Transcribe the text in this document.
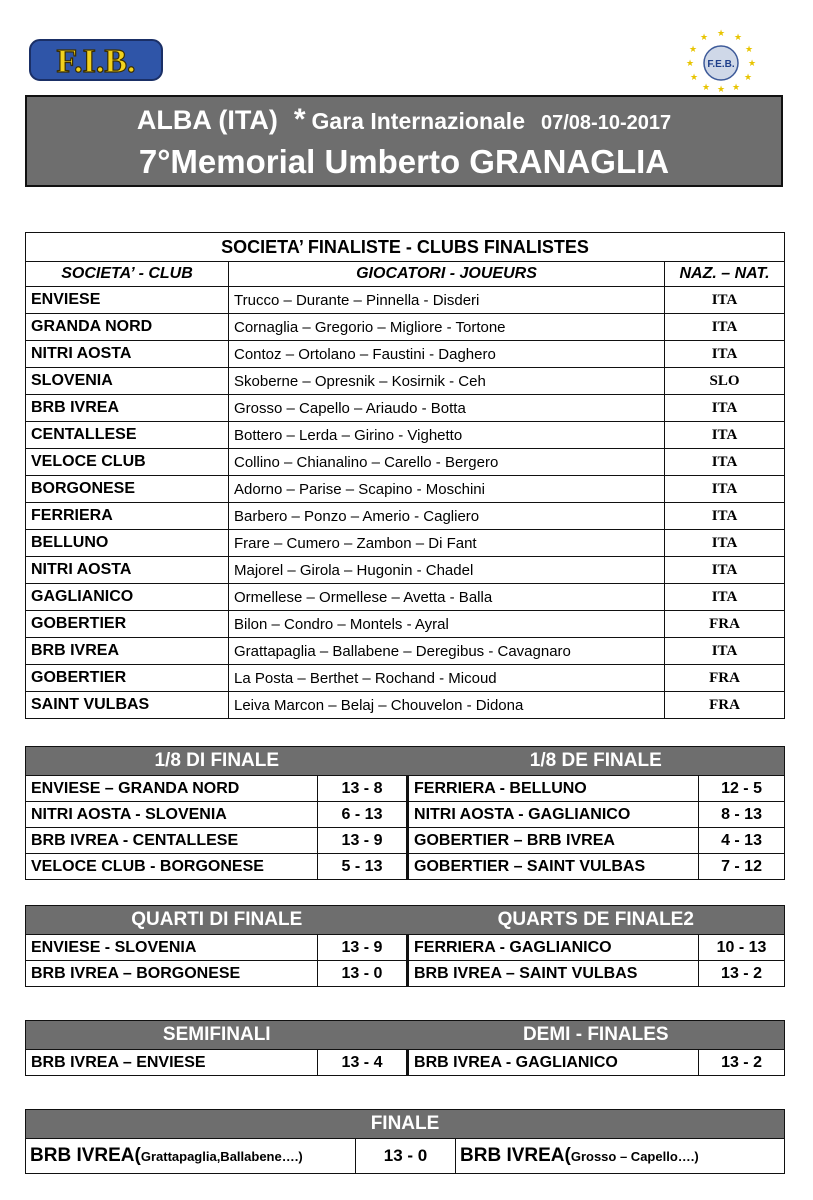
F.I.B.
★ ★
★
★
★
★
★
★
★
★
★
★
F.E.B.
ALBA (ITA) * Gara Internazionale 07/08-10-2017
7°Memorial Umberto GRANAGLIA
SOCIETA’ FINALISTE - CLUBS FINALISTES		
SOCIETA’ - CLUB	GIOCATORI - JOUEURS	NAZ. – NAT.
ENVIESE	Trucco – Durante – Pinnella - Disderi	ITA
GRANDA NORD	Cornaglia – Gregorio – Migliore - Tortone	ITA
NITRI AOSTA	Contoz – Ortolano – Faustini - Daghero	ITA
SLOVENIA	Skoberne – Opresnik – Kosirnik - Ceh	SLO
BRB IVREA	Grosso – Capello – Ariaudo - Botta	ITA
CENTALLESE	Bottero – Lerda – Girino - Vighetto	ITA
VELOCE CLUB	Collino – Chianalino – Carello - Bergero	ITA
BORGONESE	Adorno – Parise – Scapino - Moschini	ITA
FERRIERA	Barbero – Ponzo – Amerio - Cagliero	ITA
BELLUNO	Frare – Cumero – Zambon – Di Fant	ITA
NITRI AOSTA	Majorel – Girola – Hugonin - Chadel	ITA
GAGLIANICO	Ormellese – Ormellese – Avetta - Balla	ITA
GOBERTIER	Bilon – Condro – Montels - Ayral	FRA
BRB IVREA	Grattapaglia – Ballabene – Deregibus - Cavagnaro	ITA
GOBERTIER	La Posta – Berthet – Rochand - Micoud	FRA
SAINT VULBAS	Leiva Marcon – Belaj – Chouvelon - Didona	FRA
1/8 DI FINALE		1/8 DE FINALE	
ENVIESE – GRANDA NORD	13 - 8	FERRIERA - BELLUNO	12 - 5
NITRI AOSTA - SLOVENIA	6 - 13	NITRI AOSTA - GAGLIANICO	8 - 13
BRB IVREA - CENTALLESE	13 - 9	GOBERTIER – BRB IVREA	4 - 13
VELOCE CLUB - BORGONESE	5 - 13	GOBERTIER – SAINT VULBAS	7 - 12
QUARTI DI FINALE		QUARTS DE FINALE2	
ENVIESE - SLOVENIA	13 - 9	FERRIERA - GAGLIANICO	10 - 13
BRB IVREA – BORGONESE	13 - 0	BRB IVREA – SAINT VULBAS	13 - 2
SEMIFINALI		DEMI - FINALES	
BRB IVREA – ENVIESE	13 - 4	BRB IVREA - GAGLIANICO	13 - 2
FINALE
BRB IVREA(Grattapaglia,Ballabene….)	13 - 0	BRB IVREA(Grosso – Capello….)
